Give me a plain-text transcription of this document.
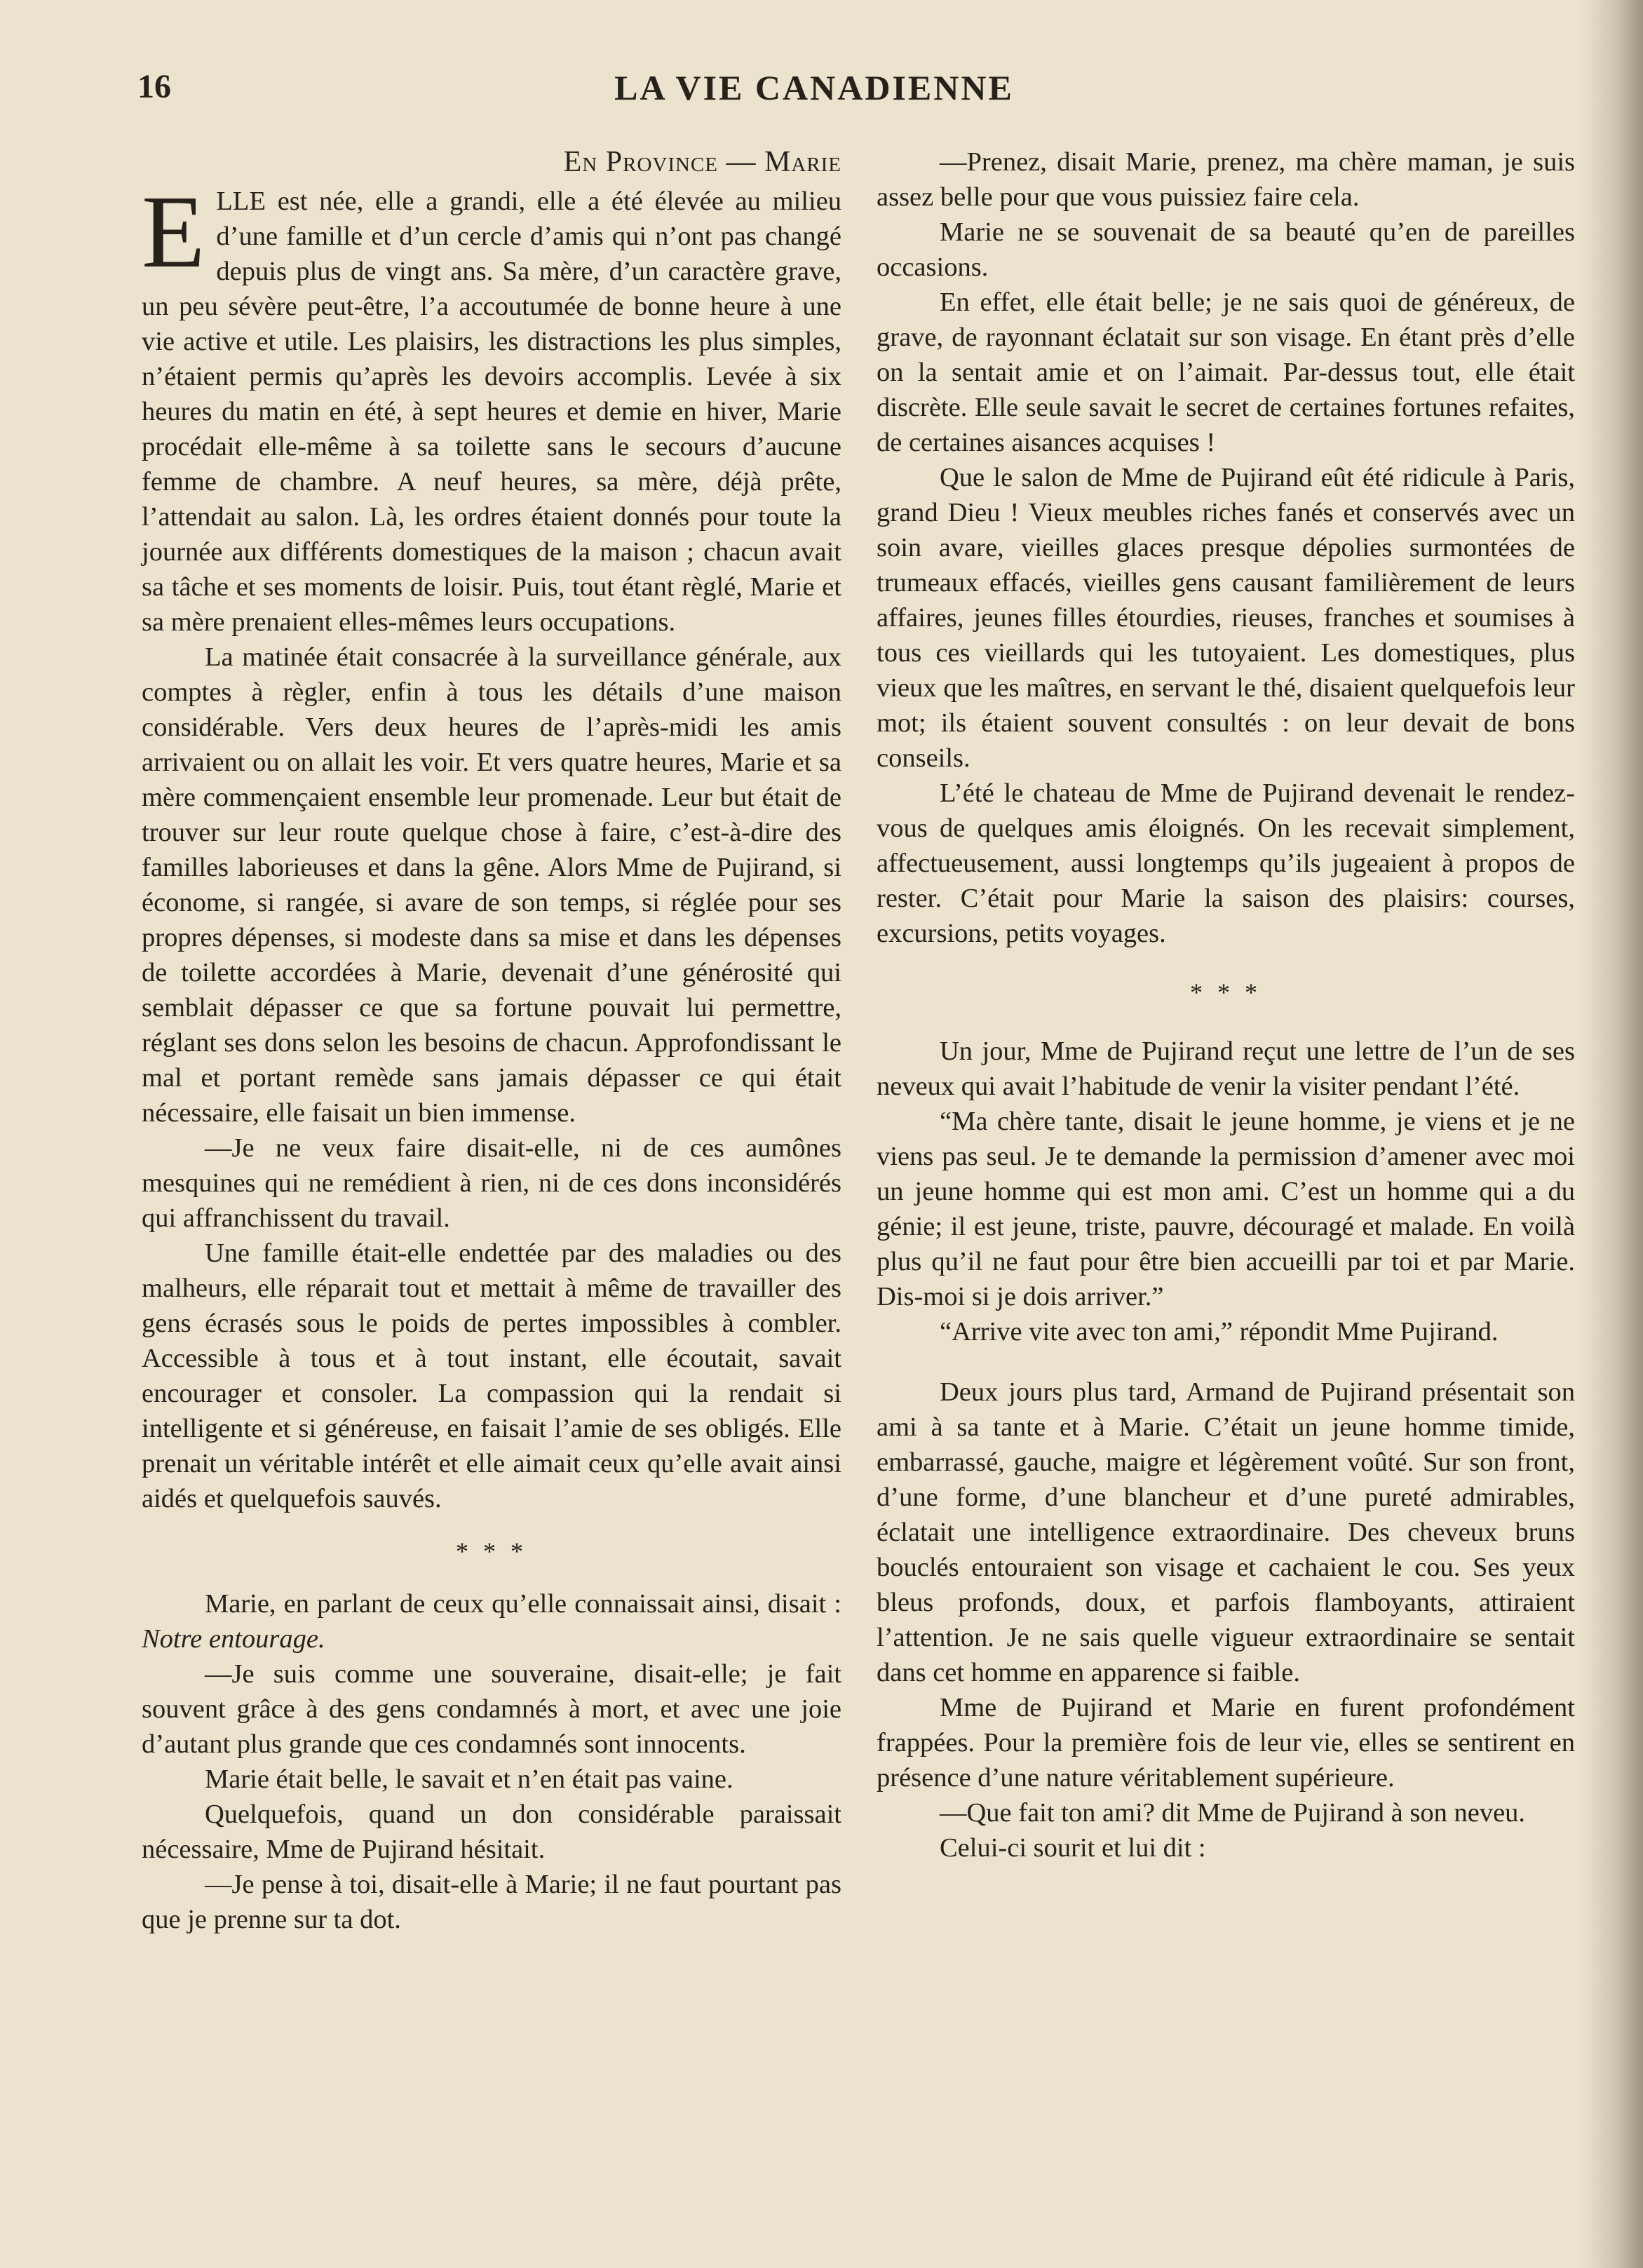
16	LA VIE CANADIENNE
En Province — Marie

ELLE est née, elle a grandi, elle a été élevée au milieu d’une famille et d’un cercle d’amis qui n’ont pas changé depuis plus de vingt ans. Sa mère, d’un caractère grave, un peu sévère peut-être, l’a accoutumée de bonne heure à une vie active et utile. Les plaisirs, les distractions les plus simples, n’étaient permis qu’après les devoirs accomplis. Levée à six heures du matin en été, à sept heures et demie en hiver, Marie procédait elle-même à sa toilette sans le secours d’aucune femme de chambre. A neuf heures, sa mère, déjà prête, l’attendait au salon. Là, les ordres étaient donnés pour toute la journée aux différents domestiques de la maison ; chacun avait sa tâche et ses moments de loisir. Puis, tout étant règlé, Marie et sa mère prenaient elles-mêmes leurs occupations.

La matinée était consacrée à la surveillance générale, aux comptes à règler, enfin à tous les détails d’une maison considérable. Vers deux heures de l’après-midi les amis arrivaient ou on allait les voir. Et vers quatre heures, Marie et sa mère commençaient ensemble leur promenade. Leur but était de trouver sur leur route quelque chose à faire, c’est-à-dire des familles laborieuses et dans la gêne. Alors Mme de Pujirand, si économe, si rangée, si avare de son temps, si réglée pour ses propres dépenses, si modeste dans sa mise et dans les dépenses de toilette accordées à Marie, devenait d’une générosité qui semblait dépasser ce que sa fortune pouvait lui permettre, réglant ses dons selon les besoins de chacun. Approfondissant le mal et portant remède sans jamais dépasser ce qui était nécessaire, elle faisait un bien immense.

—Je ne veux faire disait-elle, ni de ces aumônes mesquines qui ne remédient à rien, ni de ces dons inconsidérés qui affranchissent du travail.

Une famille était-elle endettée par des maladies ou des malheurs, elle réparait tout et mettait à même de travailler des gens écrasés sous le poids de pertes impossibles à combler. Accessible à tous et à tout instant, elle écoutait, savait encourager et consoler. La compassion qui la rendait si intelligente et si généreuse, en faisait l’amie de ses obligés. Elle prenait un véritable intérêt et elle aimait ceux qu’elle avait ainsi aidés et quelquefois sauvés.

* * *

Marie, en parlant de ceux qu’elle connaissait ainsi, disait : Notre entourage.

—Je suis comme une souveraine, disait-elle; je fait souvent grâce à des gens condamnés à mort, et avec une joie d’autant plus grande que ces condamnés sont innocents.

Marie était belle, le savait et n’en était pas vaine.

Quelquefois, quand un don considérable paraissait nécessaire, Mme de Pujirand hésitait.

—Je pense à toi, disait-elle à Marie; il ne faut pourtant pas que je prenne sur ta dot.

—Prenez, disait Marie, prenez, ma chère maman, je suis assez belle pour que vous puissiez faire cela.

Marie ne se souvenait de sa beauté qu’en de pareilles occasions.

En effet, elle était belle; je ne sais quoi de généreux, de grave, de rayonnant éclatait sur son visage. En étant près d’elle on la sentait amie et on l’aimait. Par-dessus tout, elle était discrète. Elle seule savait le secret de certaines fortunes refaites, de certaines aisances acquises !

Que le salon de Mme de Pujirand eût été ridicule à Paris, grand Dieu ! Vieux meubles riches fanés et conservés avec un soin avare, vieilles glaces presque dépolies surmontées de trumeaux effacés, vieilles gens causant familièrement de leurs affaires, jeunes filles étourdies, rieuses, franches et soumises à tous ces vieillards qui les tutoyaient. Les domestiques, plus vieux que les maîtres, en servant le thé, disaient quelquefois leur mot; ils étaient souvent consultés : on leur devait de bons conseils.

L’été le chateau de Mme de Pujirand devenait le rendez-vous de quelques amis éloignés. On les recevait simplement, affectueusement, aussi longtemps qu’ils jugeaient à propos de rester. C’était pour Marie la saison des plaisirs: courses, excursions, petits voyages.

* * *

Un jour, Mme de Pujirand reçut une lettre de l’un de ses neveux qui avait l’habitude de venir la visiter pendant l’été.

“Ma chère tante, disait le jeune homme, je viens et je ne viens pas seul. Je te demande la permission d’amener avec moi un jeune homme qui est mon ami. C’est un homme qui a du génie; il est jeune, triste, pauvre, découragé et malade. En voilà plus qu’il ne faut pour être bien accueilli par toi et par Marie. Dis-moi si je dois arriver.”

“Arrive vite avec ton ami,” répondit Mme Pujirand.

Deux jours plus tard, Armand de Pujirand présentait son ami à sa tante et à Marie. C’était un jeune homme timide, embarrassé, gauche, maigre et légèrement voûté. Sur son front, d’une forme, d’une blancheur et d’une pureté admirables, éclatait une intelligence extraordinaire. Des cheveux bruns bouclés entouraient son visage et cachaient le cou. Ses yeux bleus profonds, doux, et parfois flamboyants, attiraient l’attention. Je ne sais quelle vigueur extraordinaire se sentait dans cet homme en apparence si faible.

Mme de Pujirand et Marie en furent profondément frappées. Pour la première fois de leur vie, elles se sentirent en présence d’une nature véritablement supérieure.

—Que fait ton ami? dit Mme de Pujirand à son neveu.

Celui-ci sourit et lui dit :
